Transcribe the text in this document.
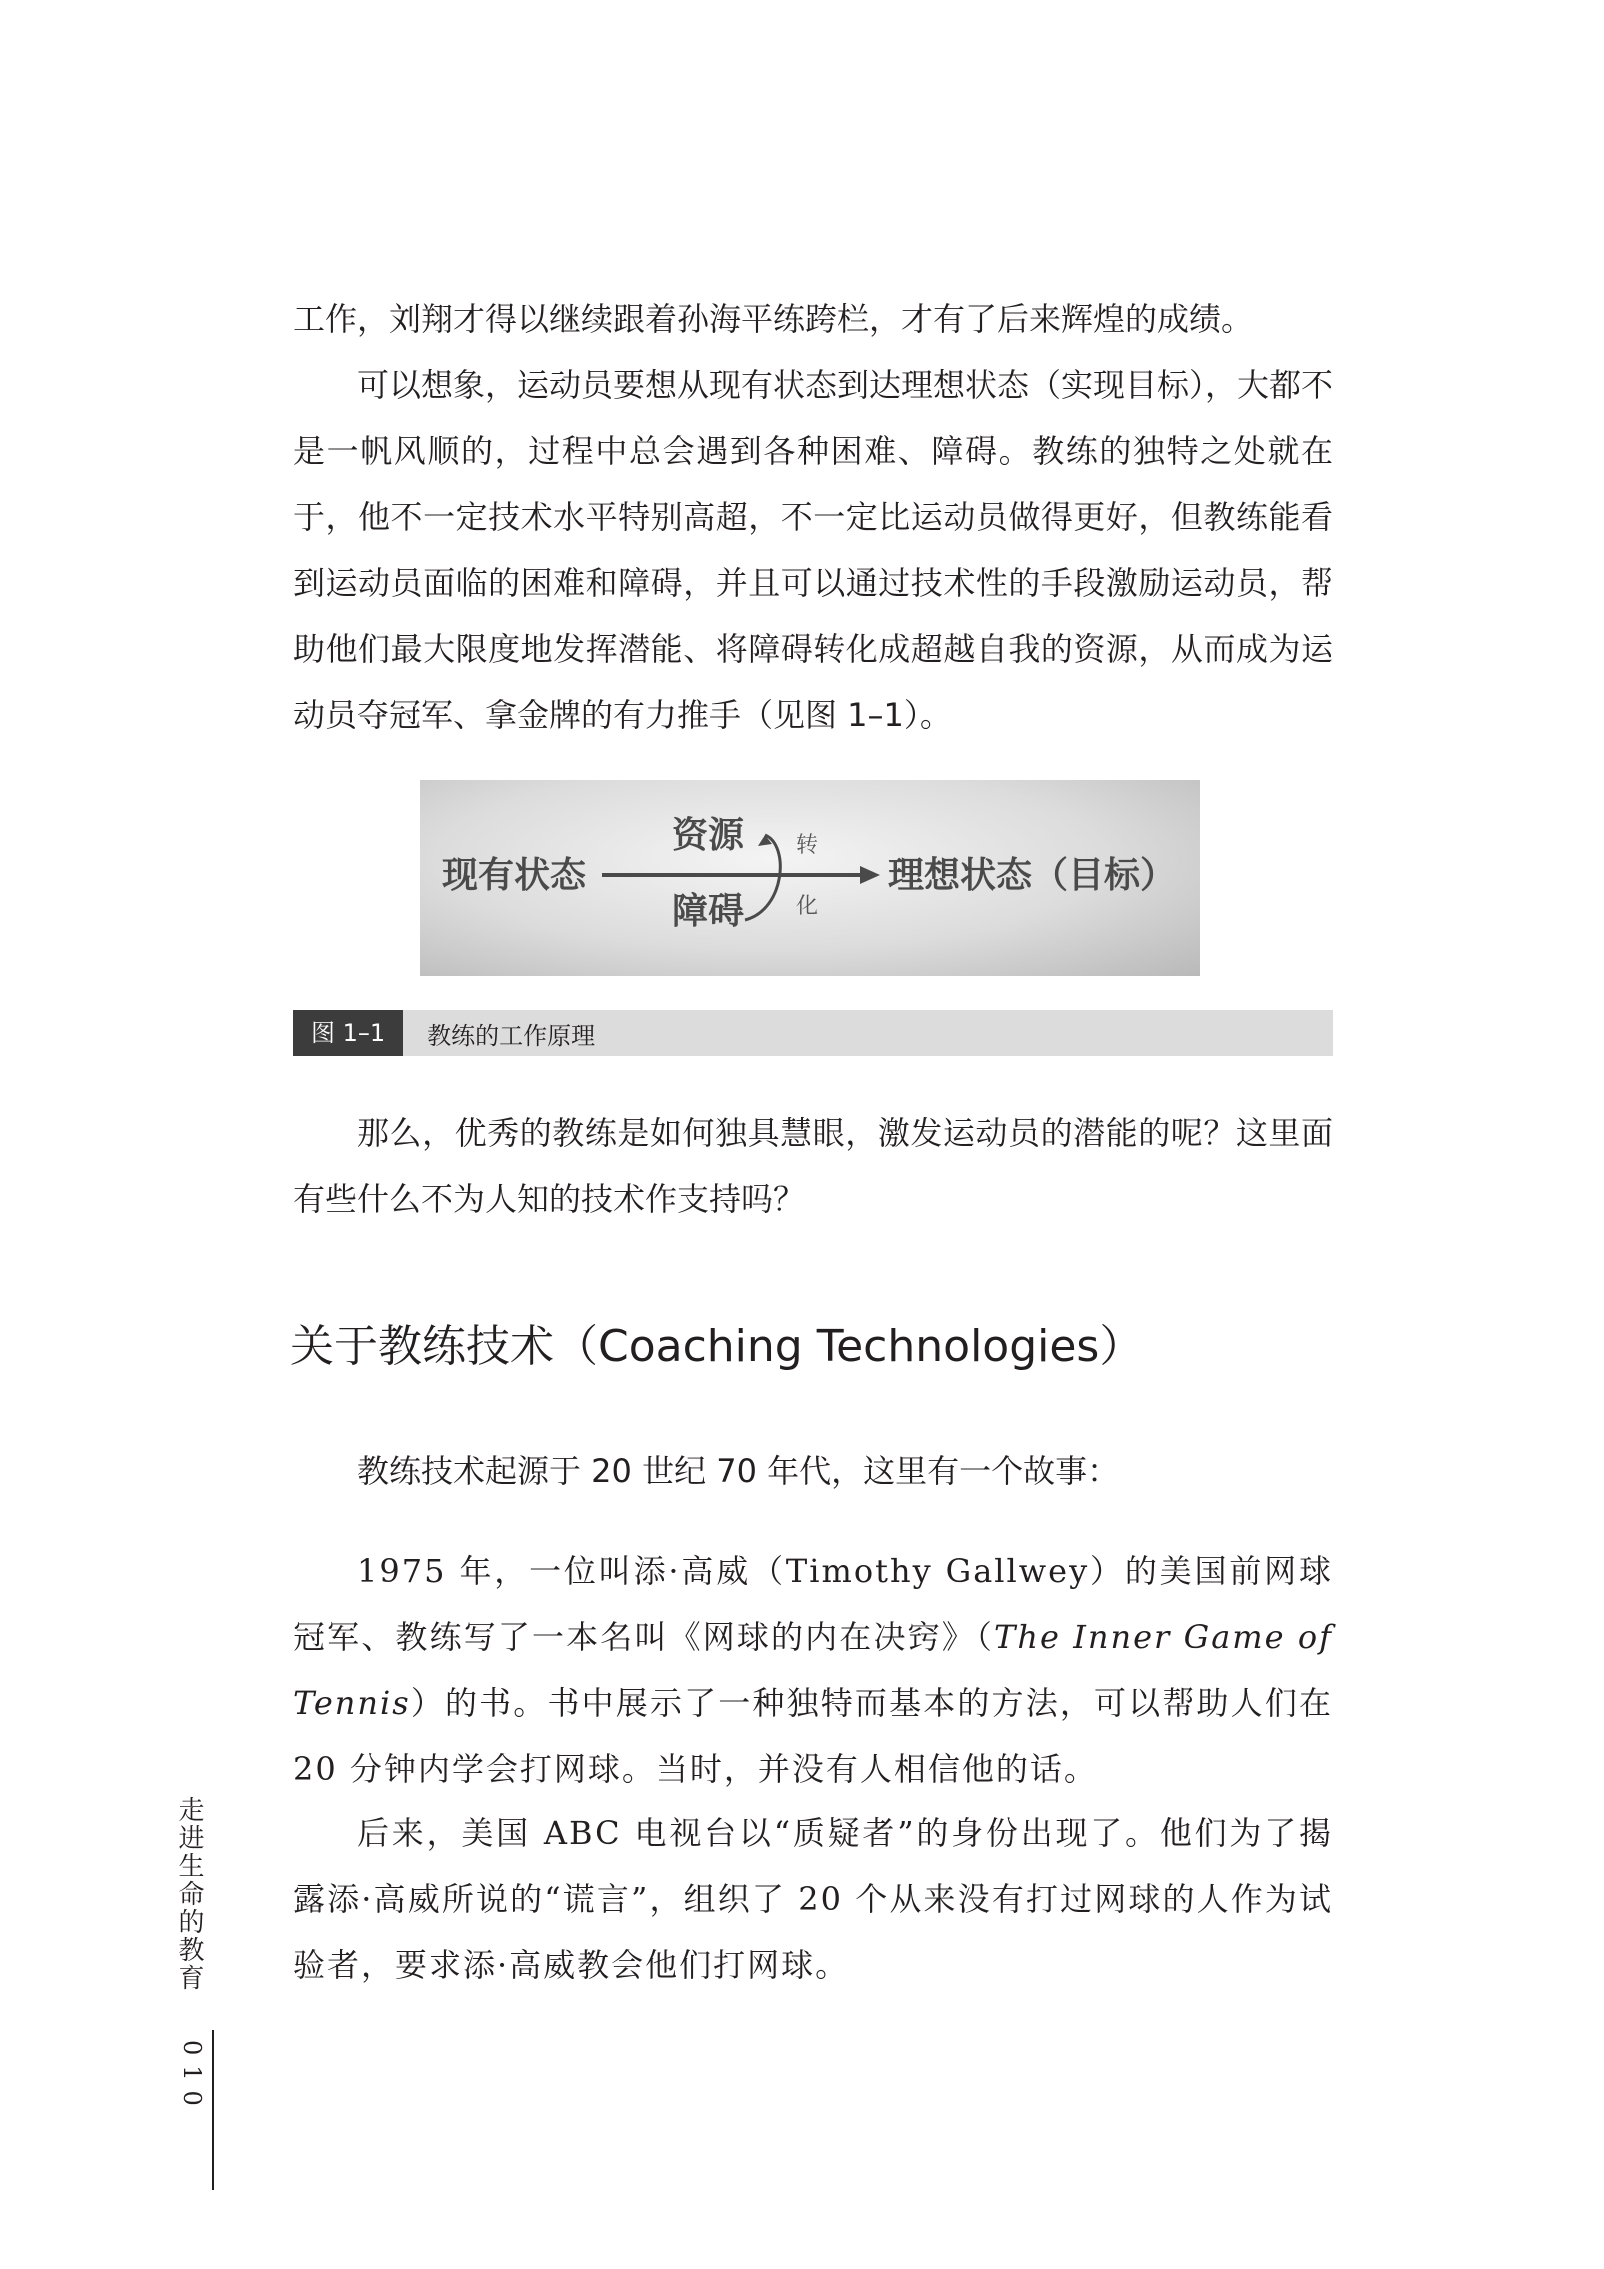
工作，刘翔才得以继续跟着孙海平练跨栏，才有了后来辉煌的成绩。

可以想象，运动员要想从现有状态到达理想状态（实现目标），大都不是一帆风顺的，过程中总会遇到各种困难、障碍。教练的独特之处就在于，他不一定技术水平特别高超，不一定比运动员做得更好，但教练能看到运动员面临的困难和障碍，并且可以通过技术性的手段激励运动员，帮助他们最大限度地发挥潜能、将障碍转化成超越自我的资源，从而成为运动员夺冠军、拿金牌的有力推手（见图 1–1）。

现有状态
资源
障碍
转
化
理想状态（目标）
图 1–1	教练的工作原理

那么，优秀的教练是如何独具慧眼，激发运动员的潜能的呢？这里面有些什么不为人知的技术作支持吗？

关于教练技术（Coaching Technologies）

教练技术起源于 20 世纪 70 年代，这里有一个故事：

1975 年，一位叫添·高威（Timothy Gallwey）的美国前网球冠军、教练写了一本名叫《网球的内在决窍》（The Inner Game of Tennis）的书。书中展示了一种独特而基本的方法，可以帮助人们在 20 分钟内学会打网球。当时，并没有人相信他的话。

后来，美国 ABC 电视台以“质疑者”的身份出现了。他们为了揭露添·高威所说的“谎言”，组织了 20 个从来没有打过网球的人作为试验者，要求添·高威教会他们打网球。

走进生命的教育
010
